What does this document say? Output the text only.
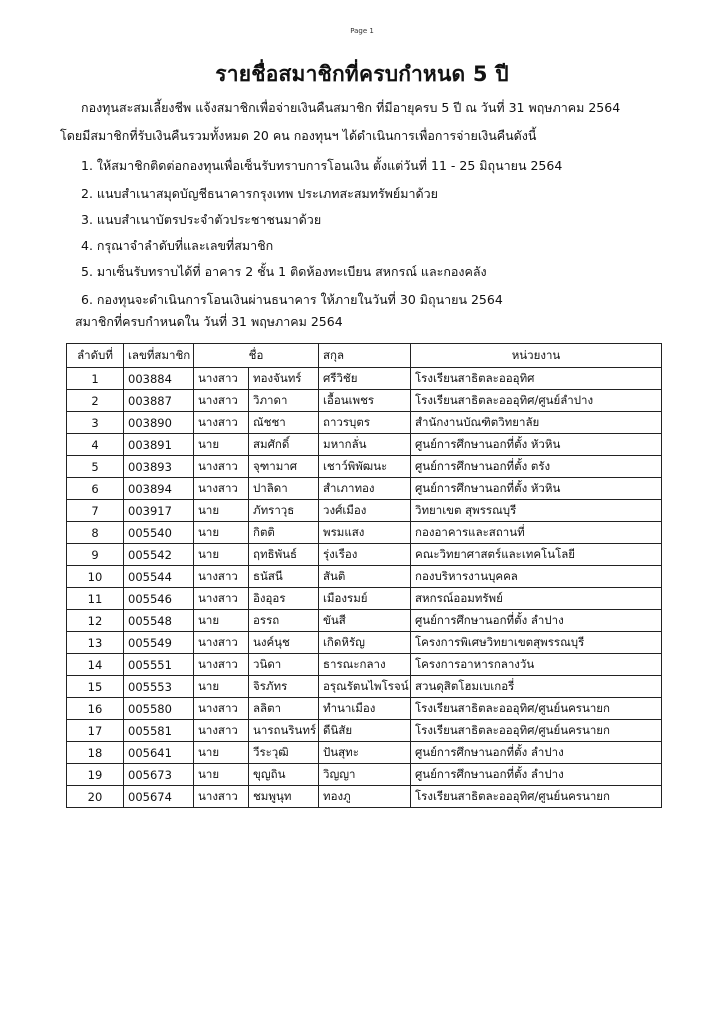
Page 1
รายชื่อสมาชิกที่ครบกำหนด 5 ปี
กองทุนสะสมเลี้ยงชีพ แจ้งสมาชิกเพื่อจ่ายเงินคืนสมาชิก ที่มีอายุครบ 5 ปี ณ วันที่ 31 พฤษภาคม 2564
โดยมีสมาชิกที่รับเงินคืนรวมทั้งหมด 20 คน กองทุนฯ ได้ดำเนินการเพื่อการจ่ายเงินคืนดังนี้
1. ให้สมาชิกติดต่อกองทุนเพื่อเซ็นรับทราบการโอนเงิน ตั้งแต่วันที่ 11 - 25 มิถุนายน 2564
2. แนบสำเนาสมุดบัญชีธนาคารกรุงเทพ ประเภทสะสมทรัพย์มาด้วย
3. แนบสำเนาบัตรประจำตัวประชาชนมาด้วย
4. กรุณาจำลำดับที่และเลขที่สมาชิก
5. มาเซ็นรับทราบได้ที่ อาคาร 2 ชั้น 1 ติดห้องทะเบียน สหกรณ์ และกองคลัง
6. กองทุนจะดำเนินการโอนเงินผ่านธนาคาร ให้ภายในวันที่ 30 มิถุนายน 2564
สมาชิกที่ครบกำหนดใน วันที่ 31 พฤษภาคม 2564
ลำดับที่	เลขที่สมาชิก	ชื่อ		สกุล	หน่วยงาน
1	003884	นางสาว	ทองจันทร์	ศรีวิชัย	โรงเรียนสาธิตละอออุทิศ
2	003887	นางสาว	วิภาดา	เอื้อนเพชร	โรงเรียนสาธิตละอออุทิศ/ศูนย์ลำปาง
3	003890	นางสาว	ณัชชา	ถาวรบุตร	สำนักงานบัณฑิตวิทยาลัย
4	003891	นาย	สมศักดิ์	มหากลั่น	ศูนย์การศึกษานอกที่ตั้ง หัวหิน
5	003893	นางสาว	จุฑามาศ	เชาว์พิพัฒนะ	ศูนย์การศึกษานอกที่ตั้ง ตรัง
6	003894	นางสาว	ปาลิดา	สำเภาทอง	ศูนย์การศึกษานอกที่ตั้ง หัวหิน
7	003917	นาย	ภัทราวุธ	วงศ์เมือง	วิทยาเขต สุพรรณบุรี
8	005540	นาย	กิตติ	พรมแสง	กองอาคารและสถานที่
9	005542	นาย	ฤทธิพันธ์	รุ่งเรือง	คณะวิทยาศาสตร์และเทคโนโลยี
10	005544	นางสาว	ธนัสนี	สันติ	กองบริหารงานบุคคล
11	005546	นางสาว	อิงอุอร	เมืองรมย์	สหกรณ์ออมทรัพย์
12	005548	นาย	อรรถ	ขันสี	ศูนย์การศึกษานอกที่ตั้ง ลำปาง
13	005549	นางสาว	นงค์นุช	เกิดหิรัญ	โครงการพิเศษวิทยาเขตสุพรรณบุรี
14	005551	นางสาว	วนิดา	ธารณะกลาง	โครงการอาหารกลางวัน
15	005553	นาย	จิรภัทร	อรุณรัตนไพโรจน์	สวนดุสิตโฮมเบเกอรี่
16	005580	นางสาว	ลลิตา	ทำนาเมือง	โรงเรียนสาธิตละอออุทิศ/ศูนย์นครนายก
17	005581	นางสาว	นารถนรินทร์	ดีนิสัย	โรงเรียนสาธิตละอออุทิศ/ศูนย์นครนายก
18	005641	นาย	วีระวุฒิ	ปันสุทะ	ศูนย์การศึกษานอกที่ตั้ง ลำปาง
19	005673	นาย	ขุญถิน	วิญญา	ศูนย์การศึกษานอกที่ตั้ง ลำปาง
20	005674	นางสาว	ชมพูนุท	ทองภู	โรงเรียนสาธิตละอออุทิศ/ศูนย์นครนายก
